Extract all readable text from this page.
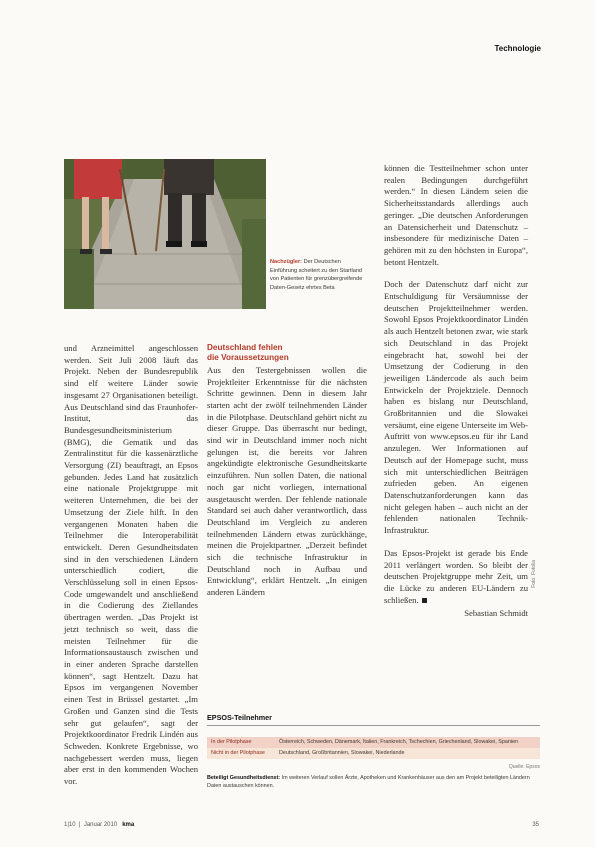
Technologie
Nachzügler: Der Deutschen Einführung scheitert zu den Startland von Patienten für grenzübergreifende Daten-Gesetz ehrtes Beta

und Arzneimittel angeschlossen werden. Seit Juli 2008 läuft das Projekt. Neben der Bundesrepublik sind elf weitere Länder sowie insgesamt 27 Organisationen beteiligt. Aus Deutschland sind das Fraunhofer-Institut, das Bundesgesundheitsministerium (BMG), die Gematik und das Zentralinstitut für die kassenärztliche Versorgung (ZI) beauftragt, an Epsos gebunden. Jedes Land hat zusätzlich eine nationale Projektgruppe mit weiteren Unternehmen, die bei der Umsetzung der Ziele hilft. In den vergangenen Monaten haben die Teilnehmer die Interoperabilität entwickelt. Deren Gesundheitsdaten sind in den verschiedenen Ländern unterschiedlich codiert, die Verschlüsselung soll in einen Epsos-Code umgewandelt und anschließend in die Codierung des Ziellandes übertragen werden. „Das Projekt ist jetzt technisch so weit, dass die meisten Teilnehmer für die Informationsaustausch zwischen und in einer anderen Sprache darstellen können“, sagt Hentzelt. Dazu hat Epsos im vergangenen November einen Test in Brüssel gestartet. „Im Großen und Ganzen sind die Tests sehr gut gelaufen“, sagt der Projektkoordinator Fredrik Lindén aus Schweden. Konkrete Ergebnisse, wo nachgebessert werden muss, liegen aber erst in den kommenden Wochen vor.

Deutschland fehlen
die Voraussetzungen

Aus den Testergebnissen wollen die Projektleiter Erkenntnisse für die nächsten Schritte gewinnen. Denn in diesem Jahr starten acht der zwölf teilnehmenden Länder in die Pilotphase. Deutschland gehört nicht zu dieser Gruppe. Das überrascht nur bedingt, sind wir in Deutschland immer noch nicht gelungen ist, die bereits vor Jahren angekündigte elektronische Gesundheitskarte einzuführen. Nun sollen Daten, die national noch gar nicht vorliegen, international ausgetauscht werden. Der fehlende nationale Standard sei auch daher verantwortlich, dass Deutschland im Vergleich zu anderen teilnehmenden Ländern etwas zurückhänge, meinen die Projektpartner. „Derzeit befindet sich die technische Infrastruktur in Deutschland noch in Aufbau und Entwicklung“, erklärt Hentzelt. „In einigen anderen Ländern

können die Testteilnehmer schon unter realen Bedingungen durchgeführt werden.“ In diesen Ländern seien die Sicherheitsstandards allerdings auch geringer. „Die deutschen Anforderungen an Datensicherheit und Datenschutz – insbesondere für medizinische Daten – gehören mit zu den höchsten in Europa“, betont Hentzelt.

Doch der Datenschutz darf nicht zur Entschuldigung für Versäumnisse der deutschen Projektteilnehmer werden. Sowohl Epsos Projektkoordinator Lindén als auch Hentzelt betonen zwar, wie stark sich Deutschland in das Projekt eingebracht hat, sowohl bei der Umsetzung der Codierung in den jeweiligen Ländercode als auch beim Entwickeln der Projektziele. Dennoch haben es bislang nur Deutschland, Großbritannien und die Slowakei versäumt, eine eigene Unterseite im Web-Auftritt von www.epsos.eu für ihr Land anzulegen. Wer Informationen auf Deutsch auf der Homepage sucht, muss sich mit unterschiedlichen Beiträgen zufrieden geben. An eigenen Datenschutzanforderungen kann das nicht gelegen haben – auch nicht an der fehlenden nationalen Technik-Infrastruktur.

Das Epsos-Projekt ist gerade bis Ende 2011 verlängert worden. So bleibt der deutschen Projektgruppe mehr Zeit, um die Lücke zu anderen EU-Ländern zu schließen.

Sebastian Schmidt
Foto: Fotolia
EPSOS-Teilnehmer
In der Pilotphase	Österreich, Schweden, Dänemark, Italien, Frankreich, Tschechien, Griechenland, Slowakei, Spanien
Nicht in der Pilotphase	Deutschland, Großbritannien, Slowakei, Niederlande
Quelle: Epsos
Beteiligt Gesundheitsdienst: Im weiteren Verlauf sollen Ärzte, Apotheken und Krankenhäuser aus den am Projekt beteiligten Ländern Daten austauschen können.
1|10  |  Januar 2010 kma	35
